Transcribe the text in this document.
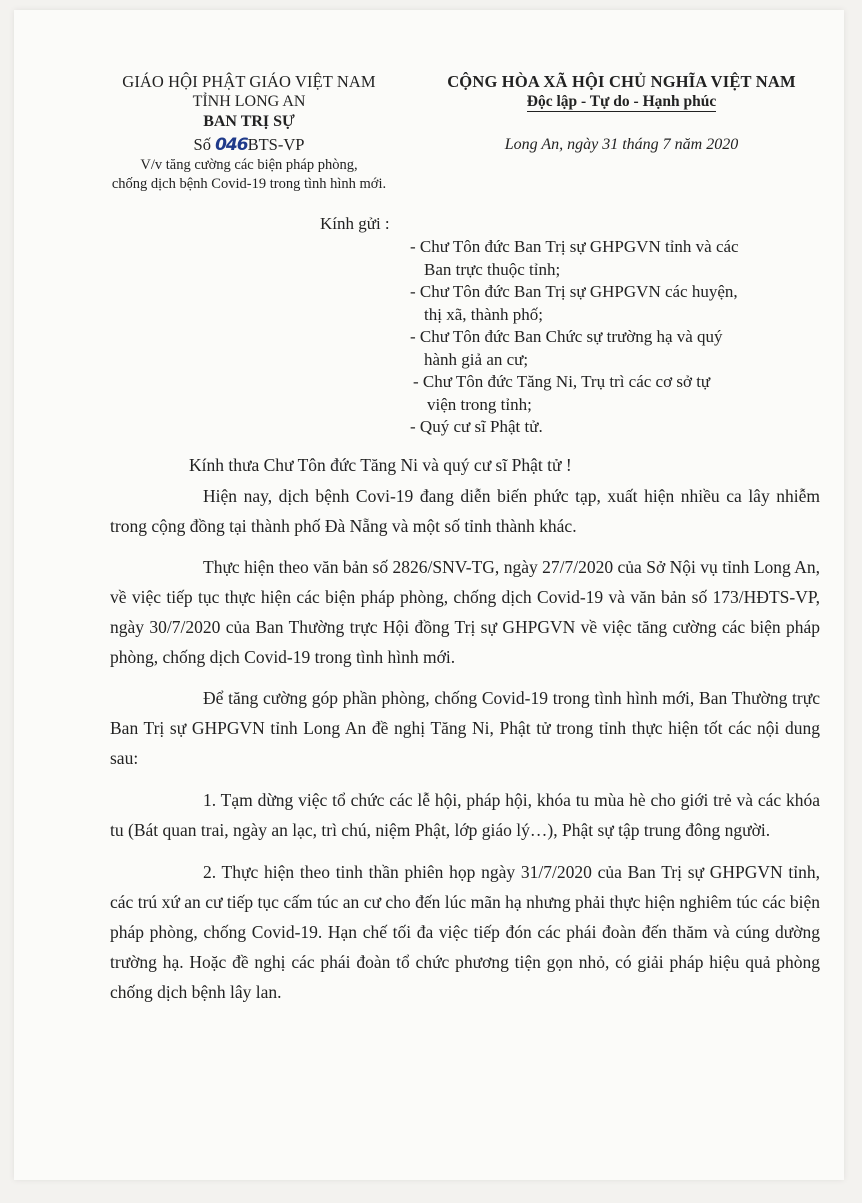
GIÁO HỘI PHẬT GIÁO VIỆT NAM
TỈNH LONG AN
BAN TRỊ SỰ
Số 046BTS-VP
V/v tăng cường các biện pháp phòng,
chống dịch bệnh Covid-19 trong tình hình mới.
CỘNG HÒA XÃ HỘI CHỦ NGHĨA VIỆT NAM
Độc lập - Tự do - Hạnh phúc
Long An, ngày 31 tháng 7 năm 2020
Kính gửi :
- Chư Tôn đức Ban Trị sự GHPGVN tỉnh và các
Ban trực thuộc tỉnh;
- Chư Tôn đức Ban Trị sự GHPGVN các huyện,
thị xã, thành phố;
- Chư Tôn đức Ban Chức sự trường hạ và quý
hành giả an cư;
- Chư Tôn đức Tăng Ni, Trụ trì các cơ sở tự
viện trong tỉnh;
- Quý cư sĩ Phật tử.

Kính thưa Chư Tôn đức Tăng Ni và quý cư sĩ Phật tử !

Hiện nay, dịch bệnh Covi-19 đang diễn biến phức tạp, xuất hiện nhiều ca lây nhiễm trong cộng đồng tại thành phố Đà Nẵng và một số tỉnh thành khác.

Thực hiện theo văn bản số 2826/SNV-TG, ngày 27/7/2020 của Sở Nội vụ tỉnh Long An, về việc tiếp tục thực hiện các biện pháp phòng, chống dịch Covid-19 và văn bản số 173/HĐTS-VP, ngày 30/7/2020 của Ban Thường trực Hội đồng Trị sự GHPGVN về việc tăng cường các biện pháp phòng, chống dịch Covid-19 trong tình hình mới.

Để tăng cường góp phần phòng, chống Covid-19 trong tình hình mới, Ban Thường trực Ban Trị sự GHPGVN tỉnh Long An đề nghị Tăng Ni, Phật tử trong tỉnh thực hiện tốt các nội dung sau:

1. Tạm dừng việc tổ chức các lễ hội, pháp hội, khóa tu mùa hè cho giới trẻ và các khóa tu (Bát quan trai, ngày an lạc, trì chú, niệm Phật, lớp giáo lý…), Phật sự tập trung đông người.

2. Thực hiện theo tinh thần phiên họp ngày 31/7/2020 của Ban Trị sự GHPGVN tỉnh, các trú xứ an cư tiếp tục cấm túc an cư cho đến lúc mãn hạ nhưng phải thực hiện nghiêm túc các biện pháp phòng, chống Covid-19. Hạn chế tối đa việc tiếp đón các phái đoàn đến thăm và cúng dường trường hạ. Hoặc đề nghị các phái đoàn tổ chức phương tiện gọn nhỏ, có giải pháp hiệu quả phòng chống dịch bệnh lây lan.
